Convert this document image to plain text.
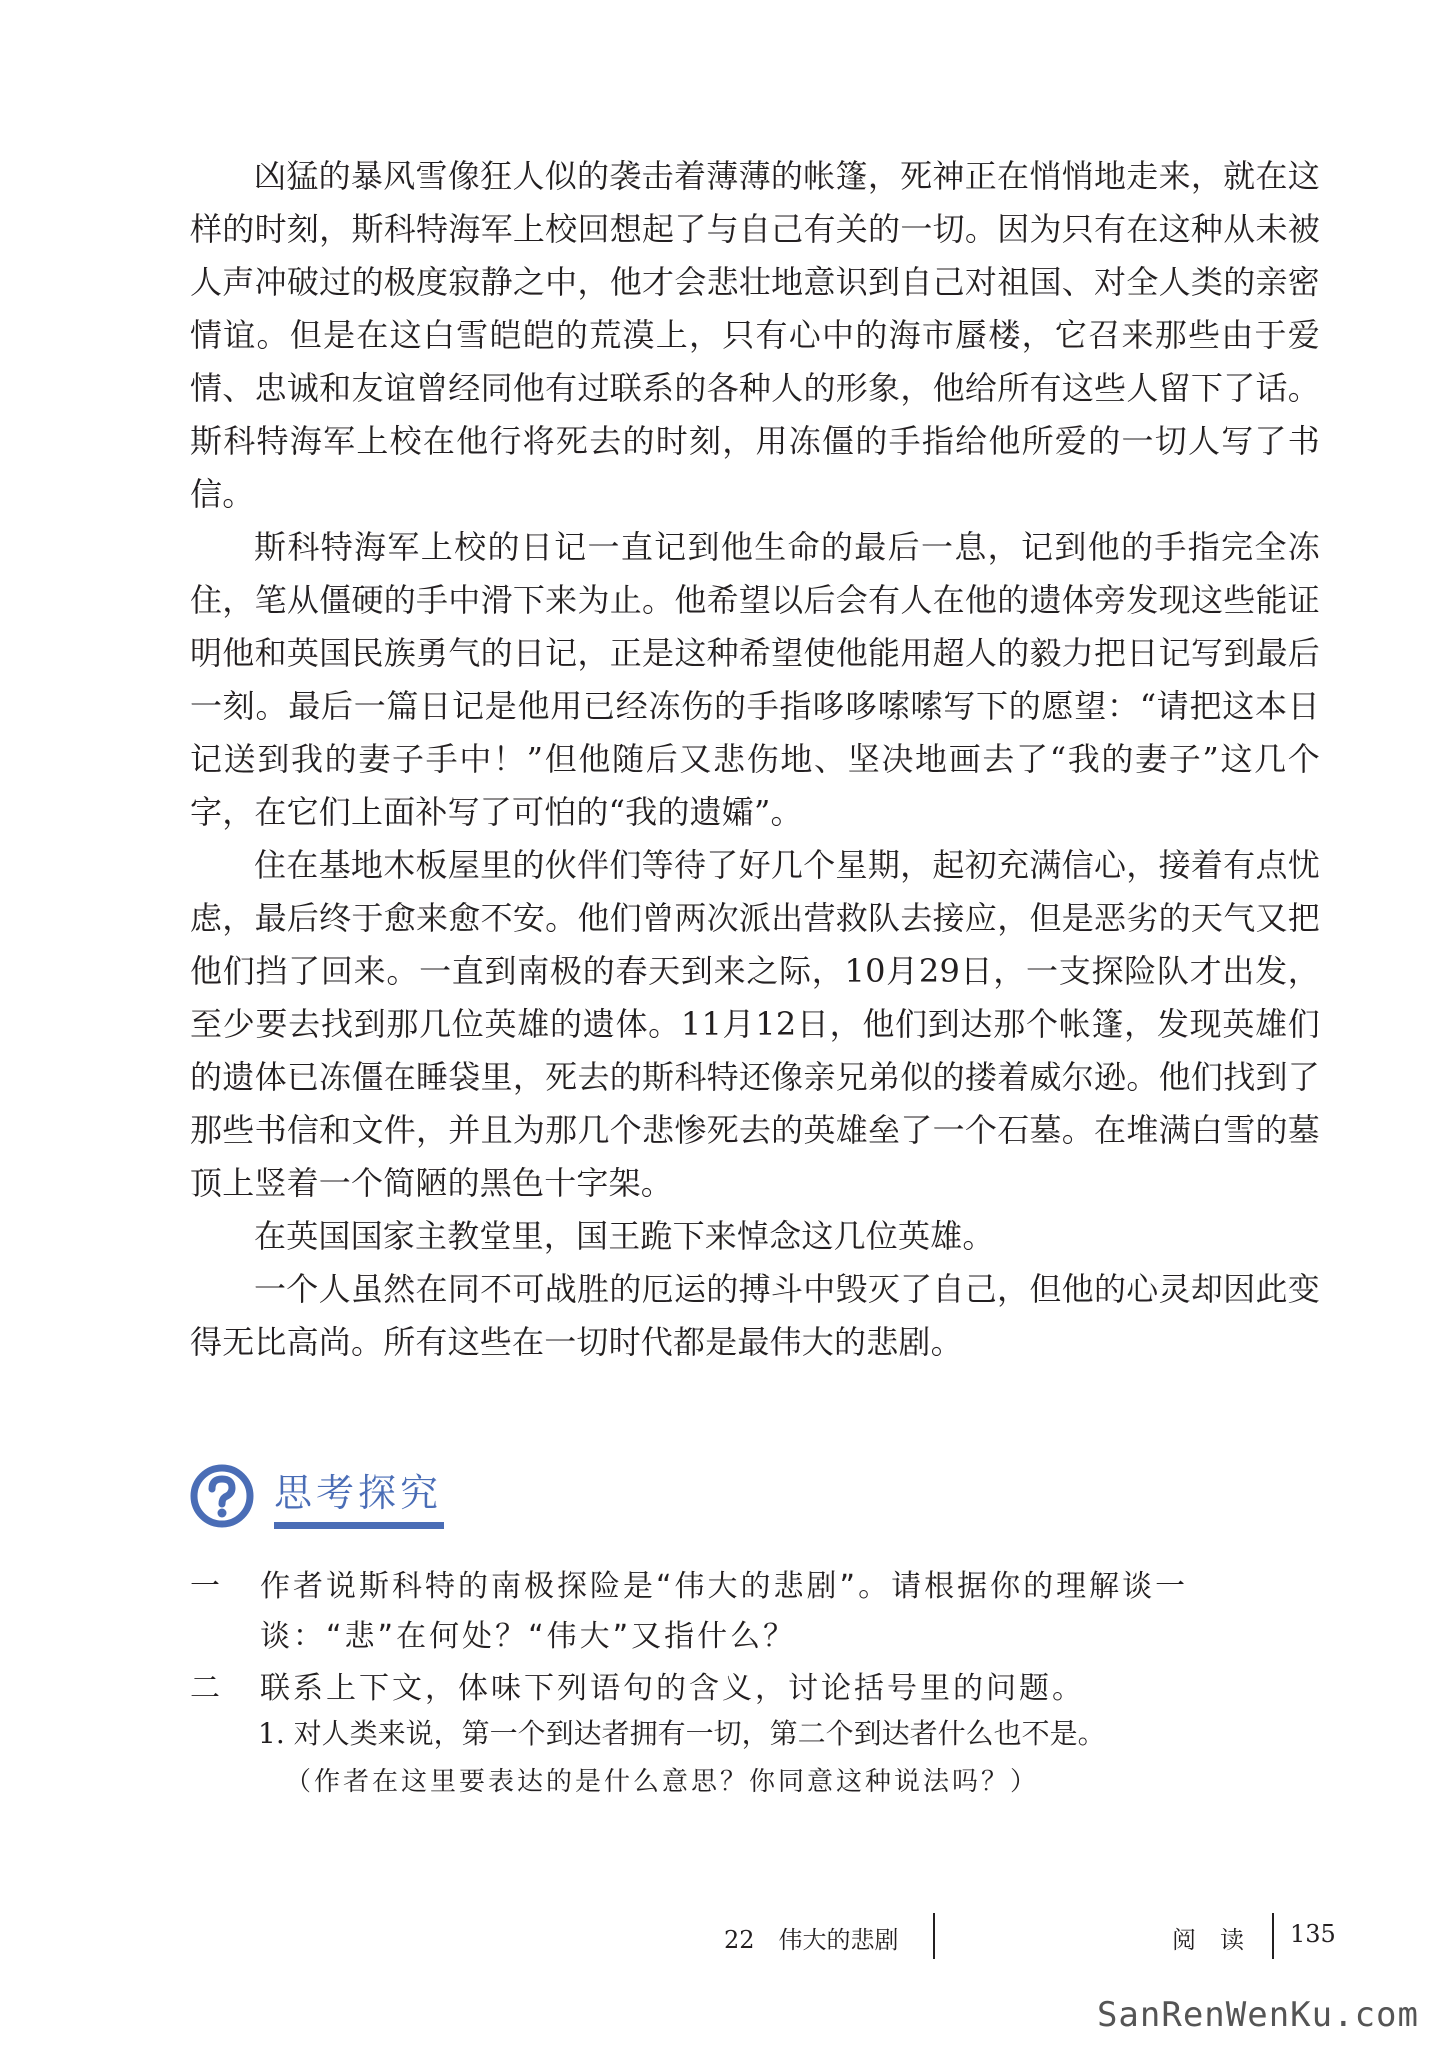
凶猛的暴风雪像狂人似的袭击着薄薄的帐篷，死神正在悄悄地走来，就在这样的时刻，斯科特海军上校回想起了与自己有关的一切。因为只有在这种从未被人声冲破过的极度寂静之中，他才会悲壮地意识到自己对祖国、对全人类的亲密情谊。但是在这白雪皑皑的荒漠上，只有心中的海市蜃楼，它召来那些由于爱情、忠诚和友谊曾经同他有过联系的各种人的形象，他给所有这些人留下了话。斯科特海军上校在他行将死去的时刻，用冻僵的手指给他所爱的一切人写了书信。

斯科特海军上校的日记一直记到他生命的最后一息，记到他的手指完全冻住，笔从僵硬的手中滑下来为止。他希望以后会有人在他的遗体旁发现这些能证明他和英国民族勇气的日记，正是这种希望使他能用超人的毅力把日记写到最后一刻。最后一篇日记是他用已经冻伤的手指哆哆嗦嗦写下的愿望：“请把这本日记送到我的妻子手中！”但他随后又悲伤地、坚决地画去了“我的妻子”这几个字，在它们上面补写了可怕的“我的遗孀”。

住在基地木板屋里的伙伴们等待了好几个星期，起初充满信心，接着有点忧虑，最后终于愈来愈不安。他们曾两次派出营救队去接应，但是恶劣的天气又把他们挡了回来。一直到南极的春天到来之际，10月29日，一支探险队才出发，至少要去找到那几位英雄的遗体。11月12日，他们到达那个帐篷，发现英雄们的遗体已冻僵在睡袋里，死去的斯科特还像亲兄弟似的搂着威尔逊。他们找到了那些书信和文件，并且为那几个悲惨死去的英雄垒了一个石墓。在堆满白雪的墓顶上竖着一个简陋的黑色十字架。

在英国国家主教堂里，国王跪下来悼念这几位英雄。

一个人虽然在同不可战胜的厄运的搏斗中毁灭了自己，但他的心灵却因此变得无比高尚。所有这些在一切时代都是最伟大的悲剧。

思考探究
一	作者说斯科特的南极探险是“伟大的悲剧”。请根据你的理解谈一谈：“悲”在何处？“伟大”又指什么？
二	联系上下文，体味下列语句的含义，讨论括号里的问题。
1. 对人类来说，第一个到达者拥有一切，第二个到达者什么也不是。
（作者在这里要表达的是什么意思？你同意这种说法吗？）
22　伟大的悲剧	阅　读 135
SanRenWenKu.com
